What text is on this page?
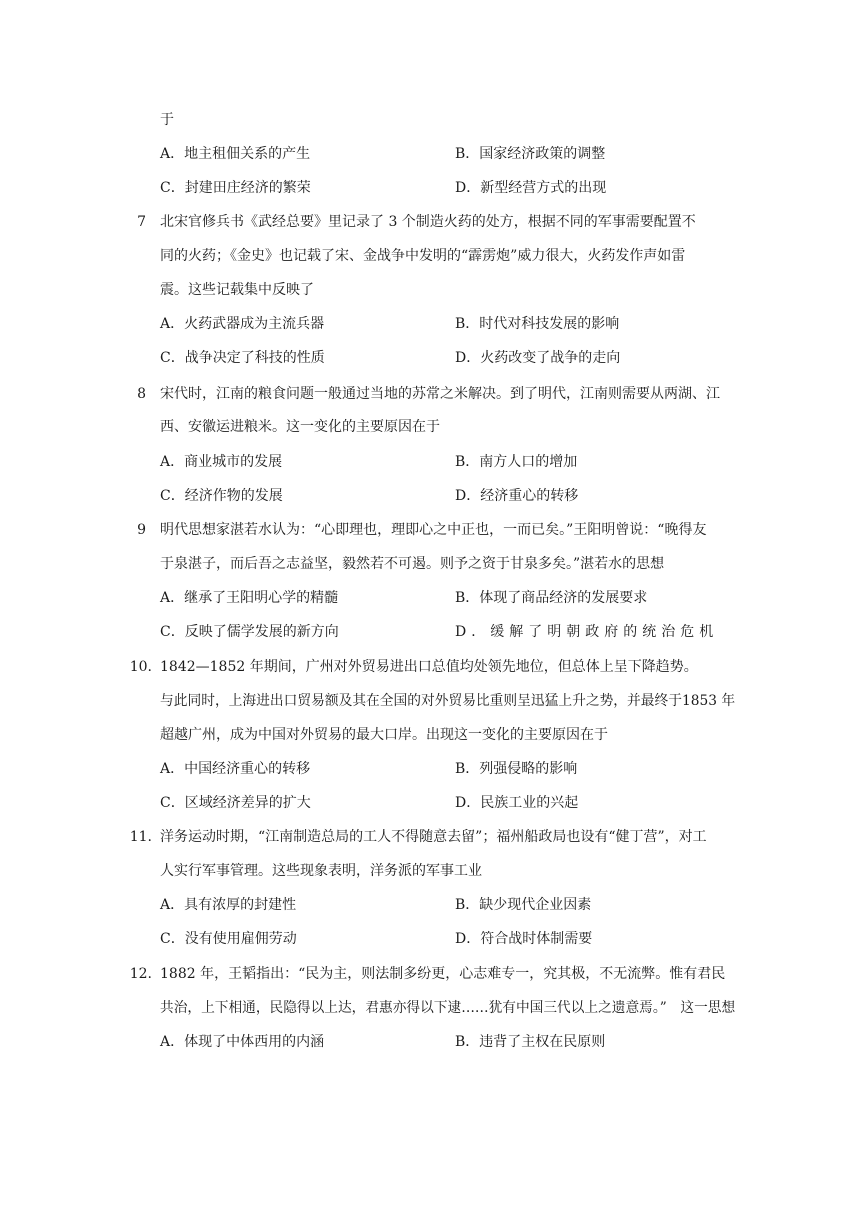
于
A．地主租佃关系的产生	B．国家经济政策的调整
C．封建田庄经济的繁荣	D．新型经营方式的出现
7 北宋官修兵书《武经总要》里记录了 3 个制造火药的处方，根据不同的军事需要配置不
同的火药；《金史》也记载了宋、金战争中发明的“霹雳炮”威力很大，火药发作声如雷
震。这些记载集中反映了
A．火药武器成为主流兵器	B．时代对科技发展的影响
C．战争决定了科技的性质	D．火药改变了战争的走向
8 宋代时，江南的粮食问题一般通过当地的苏常之米解决。到了明代，江南则需要从两湖、江
西、安徽运进粮米。这一变化的主要原因在于
A．商业城市的发展	B．南方人口的增加
C．经济作物的发展	D．经济重心的转移
9 明代思想家湛若水认为：“心即理也，理即心之中正也，一而已矣。”王阳明曾说：“晚得友
于泉湛子，而后吾之志益坚，毅然若不可遏。则予之资于甘泉多矣。”湛若水的思想
A．继承了王阳明心学的精髓	B．体现了商品经济的发展要求
C．反映了儒学发展的新方向	D．缓解了明朝政府的统治危机
10. 1842—1852 年期间，广州对外贸易进出口总值均处领先地位，但总体上呈下降趋势。
与此同时，上海进出口贸易额及其在全国的对外贸易比重则呈迅猛上升之势，并最终于1853 年
超越广州，成为中国对外贸易的最大口岸。出现这一变化的主要原因在于
A．中国经济重心的转移	B．列强侵略的影响
C．区域经济差异的扩大	D．民族工业的兴起
11. 洋务运动时期，“江南制造总局的工人不得随意去留”；福州船政局也设有“健丁营”，对工
人实行军事管理。这些现象表明，洋务派的军事工业
A．具有浓厚的封建性	B．缺少现代企业因素
C．没有使用雇佣劳动	D．符合战时体制需要
12. 1882 年，王韬指出：“民为主，则法制多纷更，心志难专一，究其极，不无流弊。惟有君民
共治，上下相通，民隐得以上达，君惠亦得以下逮……犹有中国三代以上之遗意焉。”　这一思想
A．体现了中体西用的内涵	B．违背了主权在民原则
